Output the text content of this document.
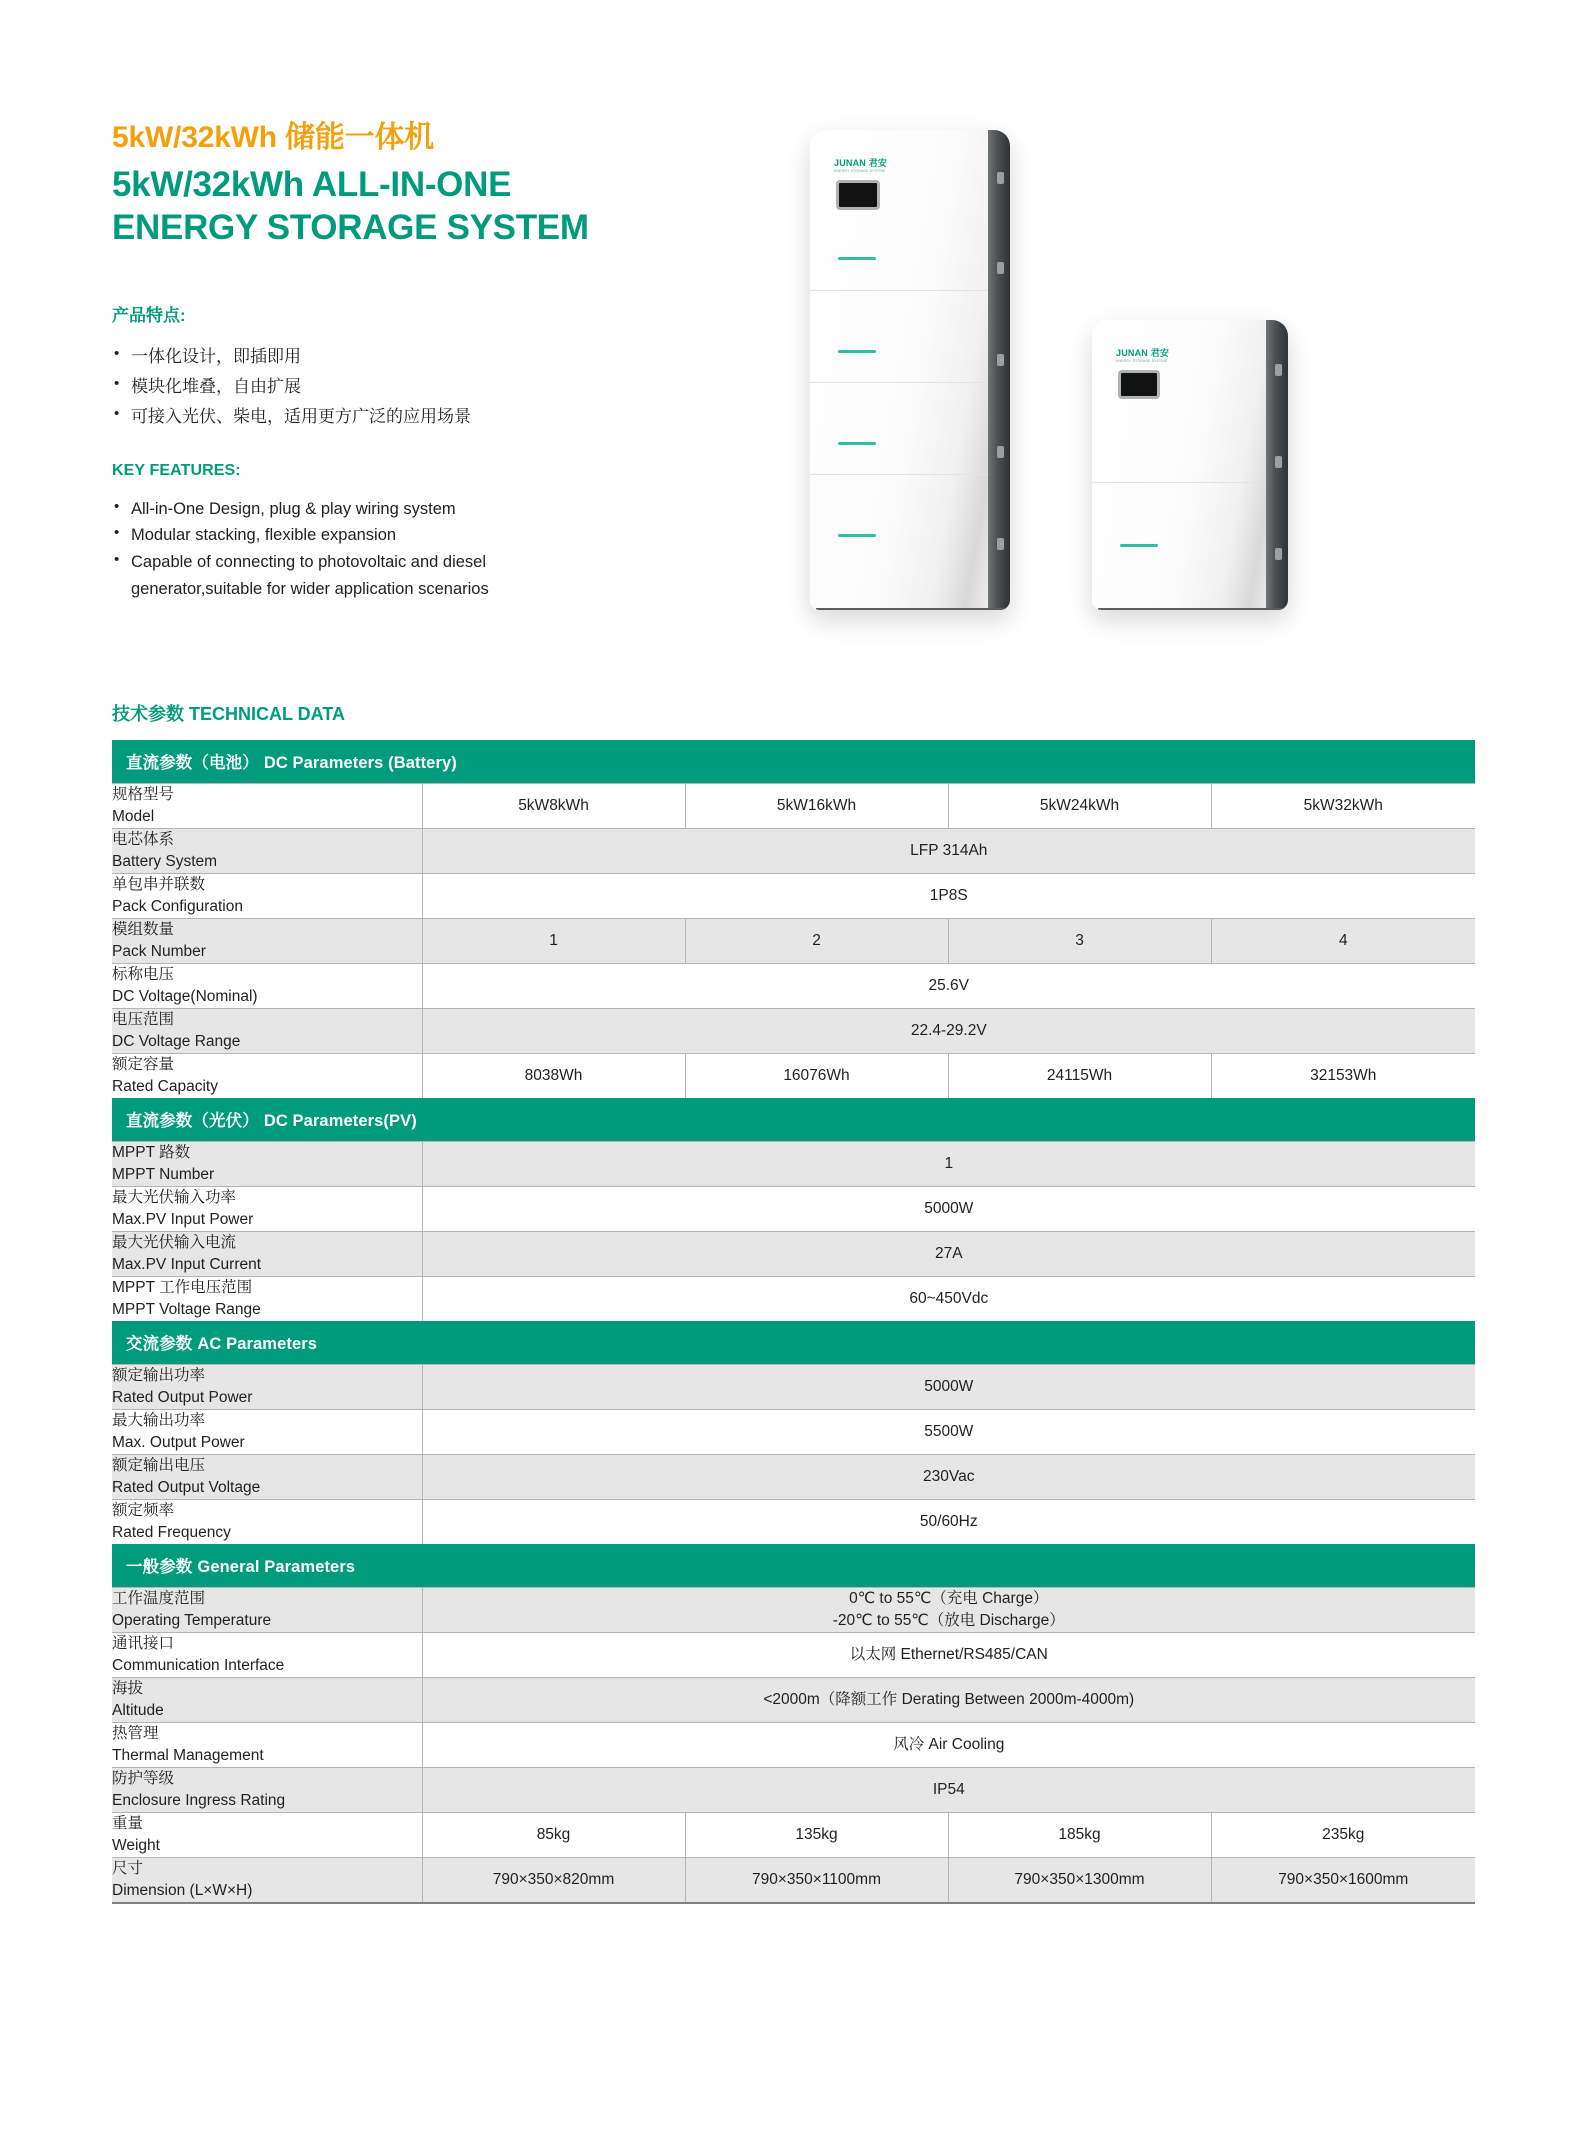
5kW/32kWh 储能一体机
5kW/32kWh ALL-IN-ONE
ENERGY STORAGE SYSTEM
产品特点:
• 一体化设计，即插即用
• 模块化堆叠，自由扩展
• 可接入光伏、柴电，适用更方广泛的应用场景
KEY FEATURES:
• All-in-One Design, plug & play wiring system
• Modular stacking, flexible expansion
• Capable of connecting to photovoltaic and diesel
generator,suitable for wider application scenarios
JUNAN 君安
ENERGY STORAGE SYSTEM
JUNAN 君安
ENERGY STORAGE SYSTEM
技术参数 TECHNICAL DATA
直流参数（电池） DC Parameters (Battery)				

规格型号
Model	5kW8kWh	5kW16kWh	5kW24kWh	5kW32kWh

电芯体系
Battery System	LFP 314Ah			

单包串并联数
Pack Configuration	1P8S			

模组数量
Pack Number	1	2	3	4

标称电压
DC Voltage(Nominal)	25.6V			

电压范围
DC Voltage Range	22.4-29.2V			

额定容量
Rated Capacity	8038Wh	16076Wh	24115Wh	32153Wh
直流参数（光伏） DC Parameters(PV)				

MPPT 路数
MPPT Number	1			

最大光伏输入功率
Max.PV Input Power	5000W			

最大光伏输入电流
Max.PV Input Current	27A			

MPPT 工作电压范围
MPPT Voltage Range	60~450Vdc			
交流参数 AC Parameters				

额定输出功率
Rated Output Power	5000W			

最大输出功率
Max. Output Power	5500W			

额定输出电压
Rated Output Voltage	230Vac			

额定频率
Rated Frequency	50/60Hz			
一般参数 General Parameters				

工作温度范围
Operating Temperature	0℃ to 55℃（充电 Charge）
-20℃ to 55℃（放电 Discharge）			

通讯接口
Communication Interface	以太网 Ethernet/RS485/CAN			

海拔
Altitude	<2000m（降额工作 Derating Between 2000m-4000m)			

热管理
Thermal Management	风冷 Air Cooling			

防护等级
Enclosure Ingress Rating	IP54			

重量
Weight	85kg	135kg	185kg	235kg

尺寸
Dimension (L×W×H)	790×350×820mm	790×350×1100mm	790×350×1300mm	790×350×1600mm
